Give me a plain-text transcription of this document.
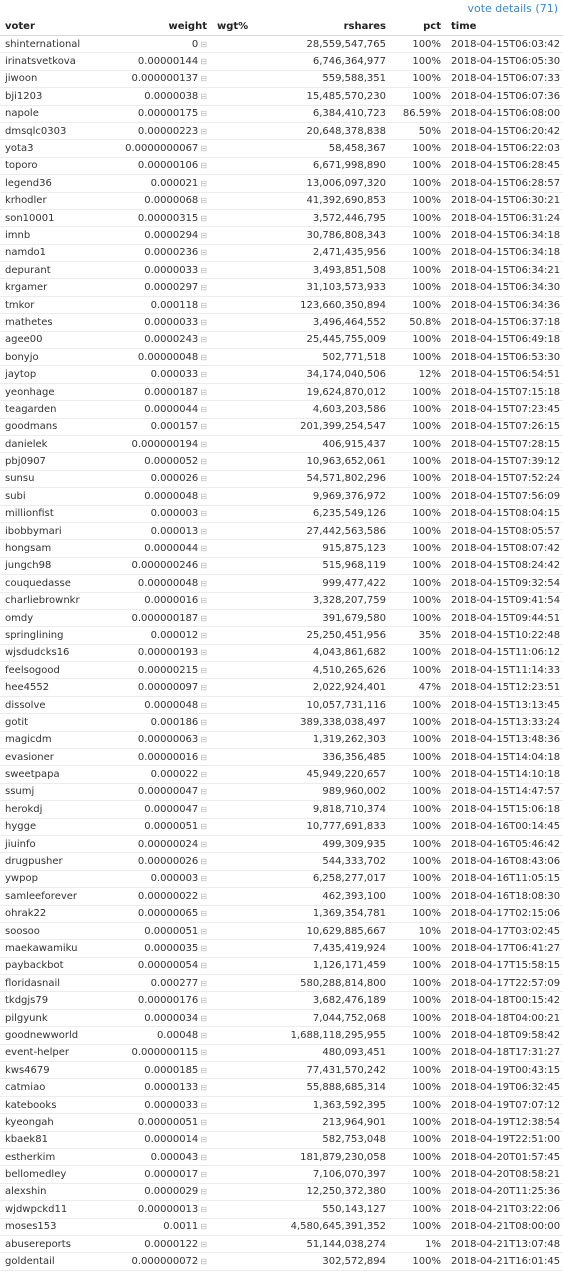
vote details (71)
voter	weight	wgt%	rshares	pct	time
shinternational	0 ⊟		28,559,547,765	100%	2018-04-15T06:03:42
irinatsvetkova	0.00000144 ⊟		6,746,364,977	100%	2018-04-15T06:05:30
jiwoon	0.000000137 ⊟		559,588,351	100%	2018-04-15T06:07:33
bji1203	0.0000038 ⊟		15,485,570,230	100%	2018-04-15T06:07:36
napole	0.00000175 ⊟		6,384,410,723	86.59%	2018-04-15T06:08:00
dmsqlc0303	0.00000223 ⊟		20,648,378,838	50%	2018-04-15T06:20:42
yota3	0.0000000067 ⊟		58,458,367	100%	2018-04-15T06:22:03
toporo	0.00000106 ⊟		6,671,998,890	100%	2018-04-15T06:28:45
legend36	0.000021 ⊟		13,006,097,320	100%	2018-04-15T06:28:57
krhodler	0.0000068 ⊟		41,392,690,853	100%	2018-04-15T06:30:21
son10001	0.00000315 ⊟		3,572,446,795	100%	2018-04-15T06:31:24
imnb	0.0000294 ⊟		30,786,808,343	100%	2018-04-15T06:34:18
namdo1	0.0000236 ⊟		2,471,435,956	100%	2018-04-15T06:34:18
depurant	0.0000033 ⊟		3,493,851,508	100%	2018-04-15T06:34:21
krgamer	0.0000297 ⊟		31,103,573,933	100%	2018-04-15T06:34:30
tmkor	0.000118 ⊟		123,660,350,894	100%	2018-04-15T06:34:36
mathetes	0.0000033 ⊟		3,496,464,552	50.8%	2018-04-15T06:37:18
agee00	0.0000243 ⊟		25,445,755,009	100%	2018-04-15T06:49:18
bonyjo	0.00000048 ⊟		502,771,518	100%	2018-04-15T06:53:30
jaytop	0.000033 ⊟		34,174,040,506	12%	2018-04-15T06:54:51
yeonhage	0.0000187 ⊟		19,624,870,012	100%	2018-04-15T07:15:18
teagarden	0.0000044 ⊟		4,603,203,586	100%	2018-04-15T07:23:45
goodmans	0.000157 ⊟		201,399,254,547	100%	2018-04-15T07:26:15
danielek	0.000000194 ⊟		406,915,437	100%	2018-04-15T07:28:15
pbj0907	0.0000052 ⊟		10,963,652,061	100%	2018-04-15T07:39:12
sunsu	0.000026 ⊟		54,571,802,296	100%	2018-04-15T07:52:24
subi	0.0000048 ⊟		9,969,376,972	100%	2018-04-15T07:56:09
millionfist	0.000003 ⊟		6,235,549,126	100%	2018-04-15T08:04:15
ibobbymari	0.000013 ⊟		27,442,563,586	100%	2018-04-15T08:05:57
hongsam	0.0000044 ⊟		915,875,123	100%	2018-04-15T08:07:42
jungch98	0.000000246 ⊟		515,968,119	100%	2018-04-15T08:24:42
couquedasse	0.00000048 ⊟		999,477,422	100%	2018-04-15T09:32:54
charliebrownkr	0.0000016 ⊟		3,328,207,759	100%	2018-04-15T09:41:54
omdy	0.000000187 ⊟		391,679,580	100%	2018-04-15T09:44:51
springlining	0.000012 ⊟		25,250,451,956	35%	2018-04-15T10:22:48
wjsdudcks16	0.00000193 ⊟		4,043,861,682	100%	2018-04-15T11:06:12
feelsogood	0.00000215 ⊟		4,510,265,626	100%	2018-04-15T11:14:33
hee4552	0.00000097 ⊟		2,022,924,401	47%	2018-04-15T12:23:51
dissolve	0.0000048 ⊟		10,057,731,116	100%	2018-04-15T13:13:45
gotit	0.000186 ⊟		389,338,038,497	100%	2018-04-15T13:33:24
magicdm	0.00000063 ⊟		1,319,262,303	100%	2018-04-15T13:48:36
evasioner	0.00000016 ⊟		336,356,485	100%	2018-04-15T14:04:18
sweetpapa	0.000022 ⊟		45,949,220,657	100%	2018-04-15T14:10:18
ssumj	0.00000047 ⊟		989,960,002	100%	2018-04-15T14:47:57
herokdj	0.0000047 ⊟		9,818,710,374	100%	2018-04-15T15:06:18
hygge	0.0000051 ⊟		10,777,691,833	100%	2018-04-16T00:14:45
jiuinfo	0.00000024 ⊟		499,309,935	100%	2018-04-16T05:46:42
drugpusher	0.00000026 ⊟		544,333,702	100%	2018-04-16T08:43:06
ywpop	0.000003 ⊟		6,258,277,017	100%	2018-04-16T11:05:15
samleeforever	0.00000022 ⊟		462,393,100	100%	2018-04-16T18:08:30
ohrak22	0.00000065 ⊟		1,369,354,781	100%	2018-04-17T02:15:06
soosoo	0.0000051 ⊟		10,629,885,667	10%	2018-04-17T03:02:45
maekawamiku	0.0000035 ⊟		7,435,419,924	100%	2018-04-17T06:41:27
paybackbot	0.00000054 ⊟		1,126,171,459	100%	2018-04-17T15:58:15
floridasnail	0.000277 ⊟		580,288,814,800	100%	2018-04-17T22:57:09
tkdgjs79	0.00000176 ⊟		3,682,476,189	100%	2018-04-18T00:15:42
pilgyunk	0.0000034 ⊟		7,044,752,068	100%	2018-04-18T04:00:21
goodnewworld	0.00048 ⊟		1,688,118,295,955	100%	2018-04-18T09:58:42
event-helper	0.000000115 ⊟		480,093,451	100%	2018-04-18T17:31:27
kws4679	0.0000185 ⊟		77,431,570,242	100%	2018-04-19T00:43:15
catmiao	0.0000133 ⊟		55,888,685,314	100%	2018-04-19T06:32:45
katebooks	0.0000033 ⊟		1,363,592,395	100%	2018-04-19T07:07:12
kyeongah	0.00000051 ⊟		213,964,901	100%	2018-04-19T12:38:54
kbaek81	0.0000014 ⊟		582,753,048	100%	2018-04-19T22:51:00
estherkim	0.000043 ⊟		181,879,230,058	100%	2018-04-20T01:57:45
bellomedley	0.0000017 ⊟		7,106,070,397	100%	2018-04-20T08:58:21
alexshin	0.0000029 ⊟		12,250,372,380	100%	2018-04-20T11:25:36
wjdwpckd11	0.00000013 ⊟		550,143,127	100%	2018-04-21T03:22:06
moses153	0.0011 ⊟		4,580,645,391,352	100%	2018-04-21T08:00:00
abusereports	0.0000122 ⊟		51,144,038,274	1%	2018-04-21T13:07:48
goldentail	0.000000072 ⊟		302,572,894	100%	2018-04-21T16:01:45
